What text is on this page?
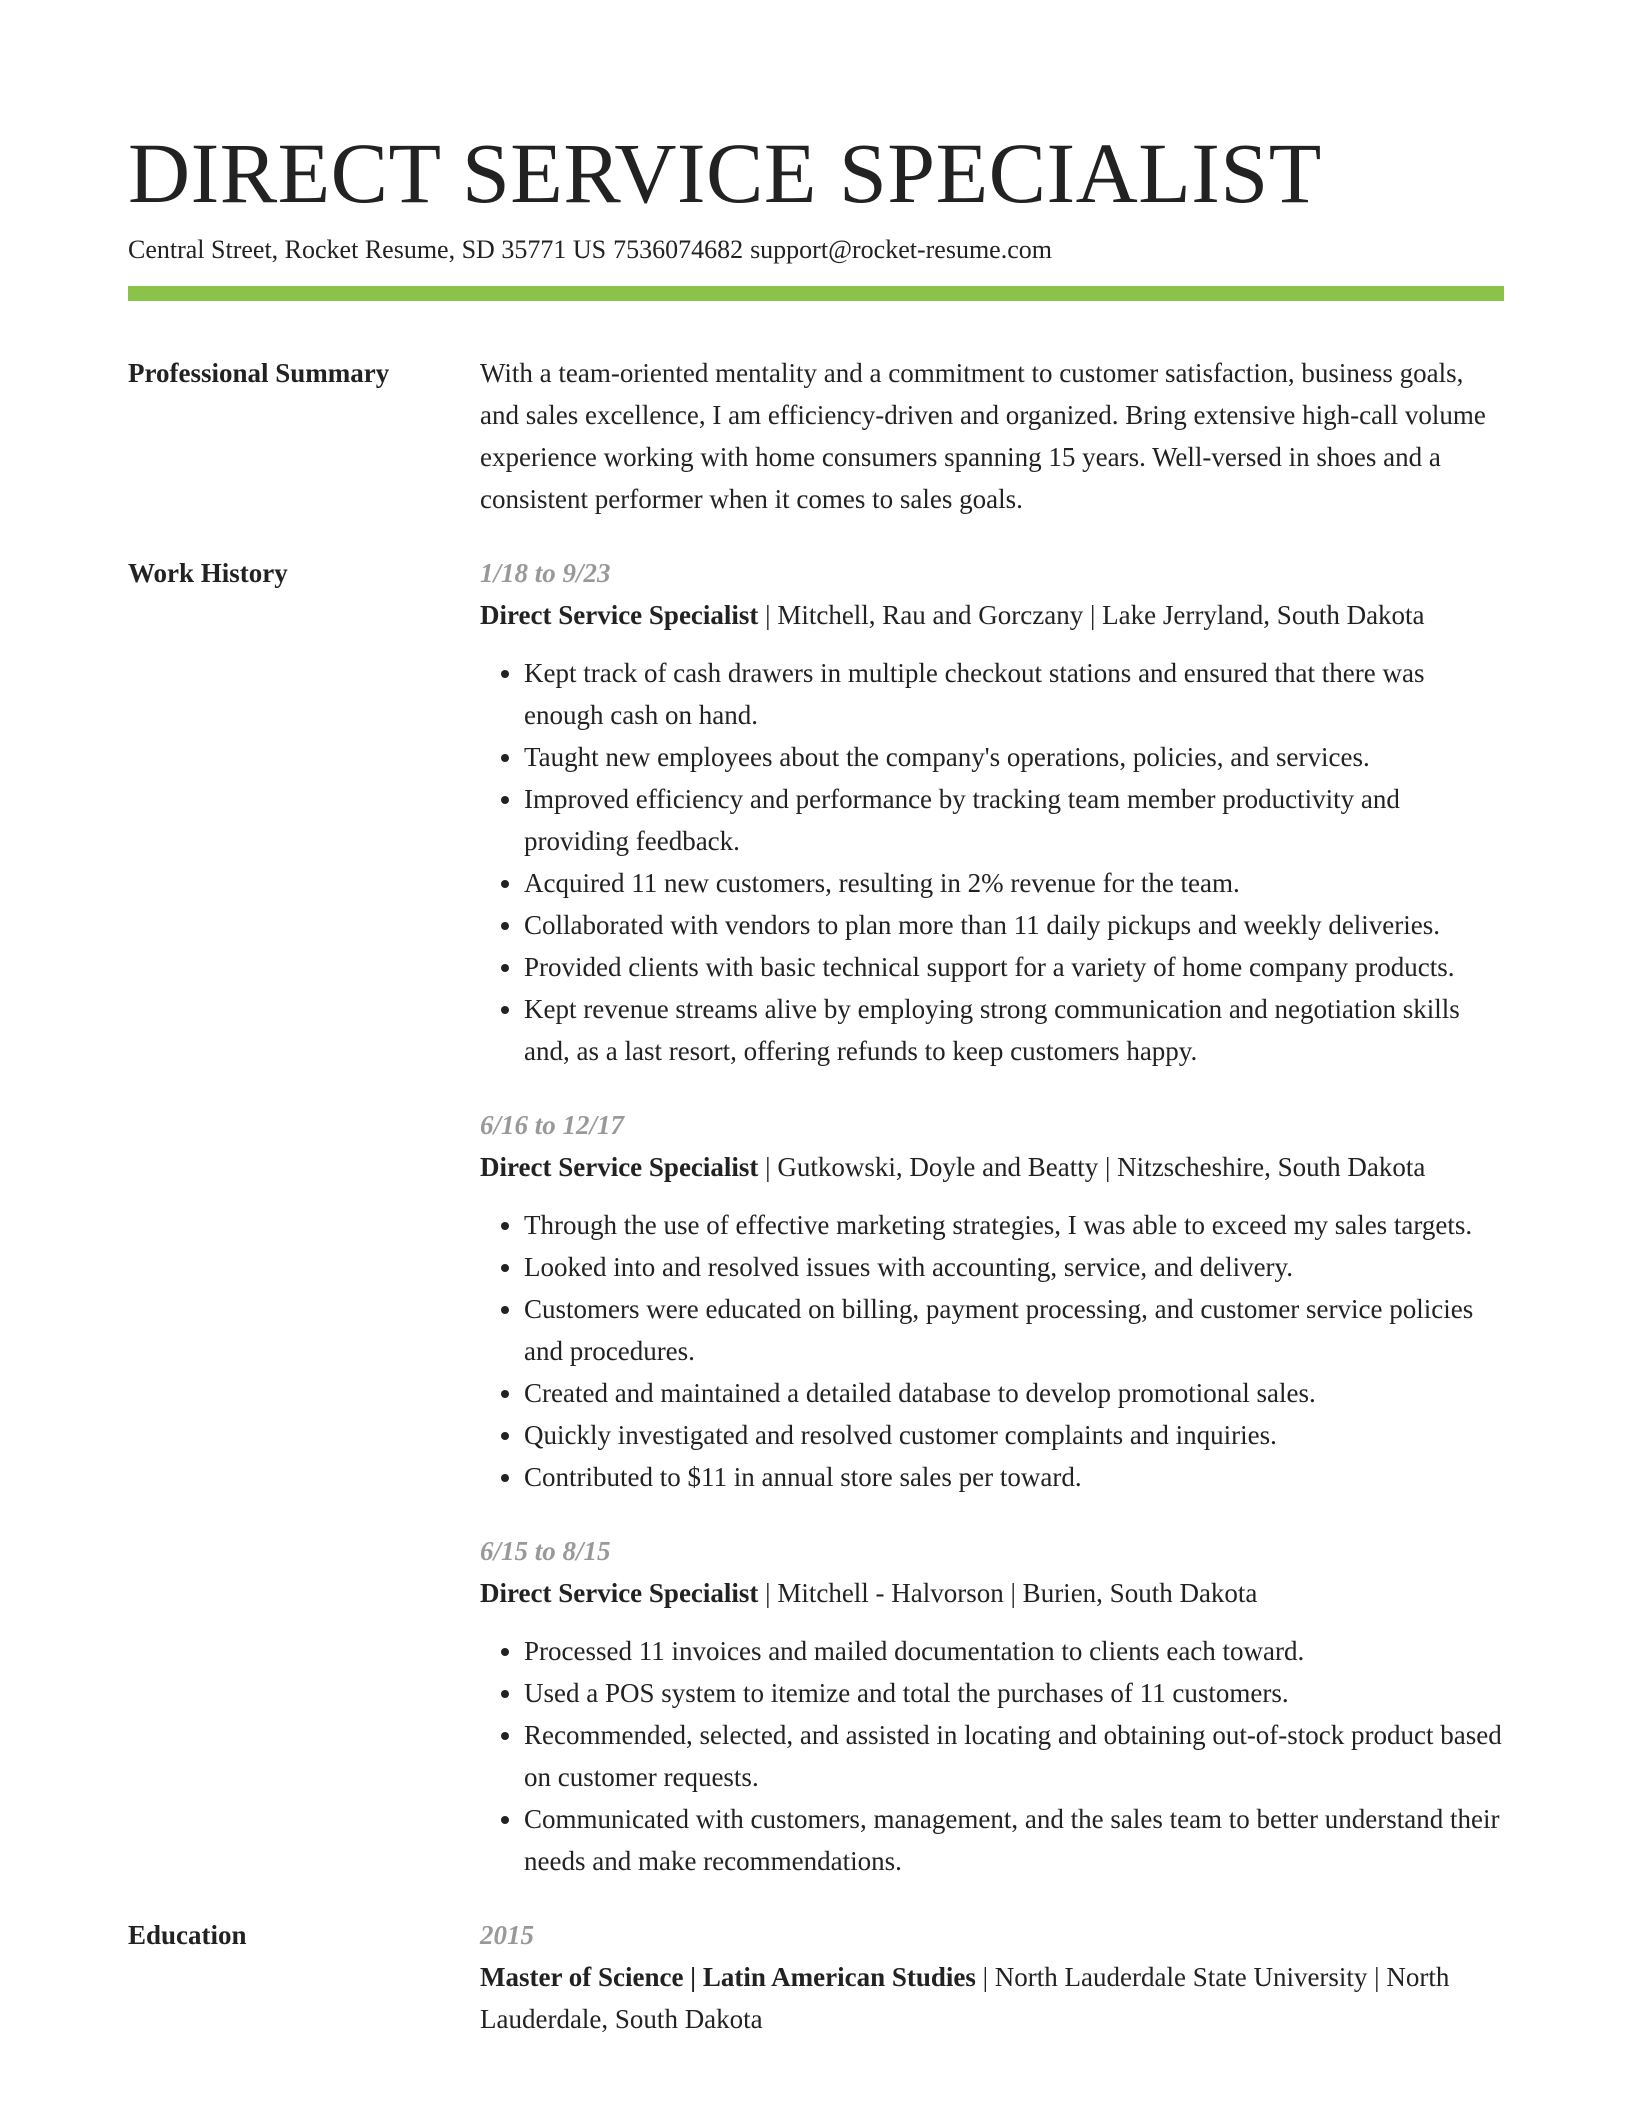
DIRECT SERVICE SPECIALIST
Central Street, Rocket Resume, SD 35771 US 7536074682 support@rocket-resume.com
Professional Summary	With a team-oriented mentality and a commitment to customer satisfaction, business goals, and sales excellence, I am efficiency-driven and organized. Bring extensive high-call volume experience working with home consumers spanning 15 years. Well-versed in shoes and a consistent performer when it comes to sales goals.

Work History	1/18 to 9/23
Direct Service Specialist | Mitchell, Rau and Gorczany | Lake Jerryland, South Dakota
• Kept track of cash drawers in multiple checkout stations and ensured that there was enough cash on hand.
• Taught new employees about the company's operations, policies, and services.
• Improved efficiency and performance by tracking team member productivity and providing feedback.
• Acquired 11 new customers, resulting in 2% revenue for the team.
• Collaborated with vendors to plan more than 11 daily pickups and weekly deliveries.
• Provided clients with basic technical support for a variety of home company products.
• Kept revenue streams alive by employing strong communication and negotiation skills and, as a last resort, offering refunds to keep customers happy.
6/16 to 12/17
Direct Service Specialist | Gutkowski, Doyle and Beatty | Nitzscheshire, South Dakota
• Through the use of effective marketing strategies, I was able to exceed my sales targets.
• Looked into and resolved issues with accounting, service, and delivery.
• Customers were educated on billing, payment processing, and customer service policies and procedures.
• Created and maintained a detailed database to develop promotional sales.
• Quickly investigated and resolved customer complaints and inquiries.
• Contributed to $11 in annual store sales per toward.
6/15 to 8/15
Direct Service Specialist | Mitchell - Halvorson | Burien, South Dakota
• Processed 11 invoices and mailed documentation to clients each toward.
• Used a POS system to itemize and total the purchases of 11 customers.
• Recommended, selected, and assisted in locating and obtaining out-of-stock product based on customer requests.
• Communicated with customers, management, and the sales team to better understand their needs and make recommendations.
Education	2015
Master of Science | Latin American Studies | North Lauderdale State University | North Lauderdale, South Dakota
